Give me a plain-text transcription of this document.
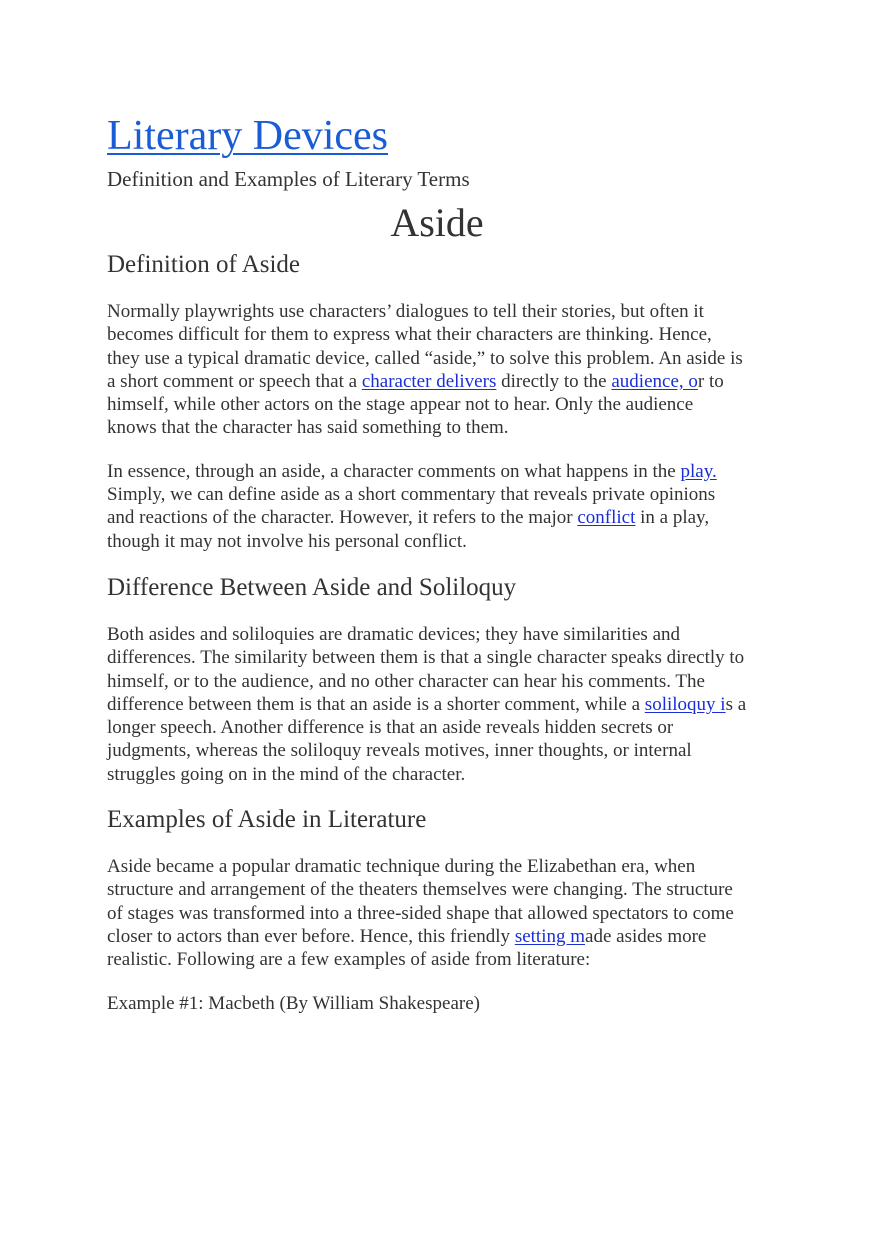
Literary Devices
Definition and Examples of Literary Terms
Aside
Definition of Aside

Normally playwrights use characters’ dialogues to tell their stories, but often it becomes difficult for them to express what their characters are thinking. Hence, they use a typical dramatic device, called “aside,” to solve this problem. An aside is a short comment or speech that a character delivers directly to the audience, or to himself, while other actors on the stage appear not to hear. Only the audience knows that the character has said something to them.

In essence, through an aside, a character comments on what happens in the play. Simply, we can define aside as a short commentary that reveals private opinions and reactions of the character. However, it refers to the major conflict in a play, though it may not involve his personal conflict.

Difference Between Aside and Soliloquy

Both asides and soliloquies are dramatic devices; they have similarities and differences. The similarity between them is that a single character speaks directly to himself, or to the audience, and no other character can hear his comments. The difference between them is that an aside is a shorter comment, while a soliloquy is a longer speech. Another difference is that an aside reveals hidden secrets or judgments, whereas the soliloquy reveals motives, inner thoughts, or internal struggles going on in the mind of the character.

Examples of Aside in Literature

Aside became a popular dramatic technique during the Elizabethan era, when structure and arrangement of the theaters themselves were changing. The structure of stages was transformed into a three-sided shape that allowed spectators to come closer to actors than ever before. Hence, this friendly setting made asides more realistic. Following are a few examples of aside from literature:

Example #1: Macbeth (By William Shakespeare)
